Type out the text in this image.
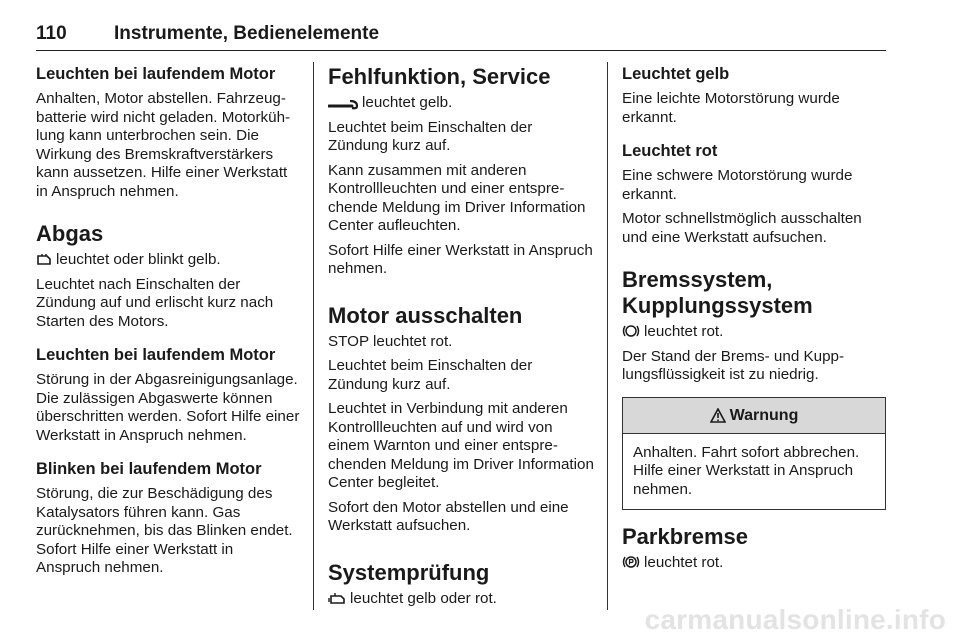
110 Instrumente, Bedienelemente
Leuchten bei laufendem Motor

Anhalten, Motor abstellen. Fahrzeugbatterie wird nicht geladen. Motorkühlung kann unterbrochen sein. Die Wirkung des Bremskraftverstärkers kann aussetzen. Hilfe einer Werkstatt in Anspruch nehmen.

Abgas

leuchtet oder blinkt gelb.

Leuchtet nach Einschalten der Zündung auf und erlischt kurz nach Starten des Motors.

Leuchten bei laufendem Motor

Störung in der Abgasreinigungsanlage. Die zulässigen Abgaswerte können überschritten werden. Sofort Hilfe einer Werkstatt in Anspruch nehmen.

Blinken bei laufendem Motor

Störung, die zur Beschädigung des Katalysators führen kann. Gas zurücknehmen, bis das Blinken endet. Sofort Hilfe einer Werkstatt in Anspruch nehmen.

Fehlfunktion, Service

leuchtet gelb.

Leuchtet beim Einschalten der Zündung kurz auf.

Kann zusammen mit anderen Kontrollleuchten und einer entsprechende Meldung im Driver Information Center aufleuchten.

Sofort Hilfe einer Werkstatt in Anspruch nehmen.

Motor ausschalten

STOP leuchtet rot.

Leuchtet beim Einschalten der Zündung kurz auf.

Leuchtet in Verbindung mit anderen Kontrollleuchten auf und wird von einem Warnton und einer entsprechenden Meldung im Driver Information Center begleitet.

Sofort den Motor abstellen und eine Werkstatt aufsuchen.

Systemprüfung

leuchtet gelb oder rot.

Leuchtet gelb

Eine leichte Motorstörung wurde erkannt.

Leuchtet rot

Eine schwere Motorstörung wurde erkannt.

Motor schnellstmöglich ausschalten und eine Werkstatt aufsuchen.

Bremssystem, Kupplungssystem

leuchtet rot.

Der Stand der Brems- und Kupplungsflüssigkeit ist zu niedrig.

Warnung

Anhalten. Fahrt sofort abbrechen. Hilfe einer Werkstatt in Anspruch nehmen.

Parkbremse

leuchtet rot.

carmanualsonline.info
